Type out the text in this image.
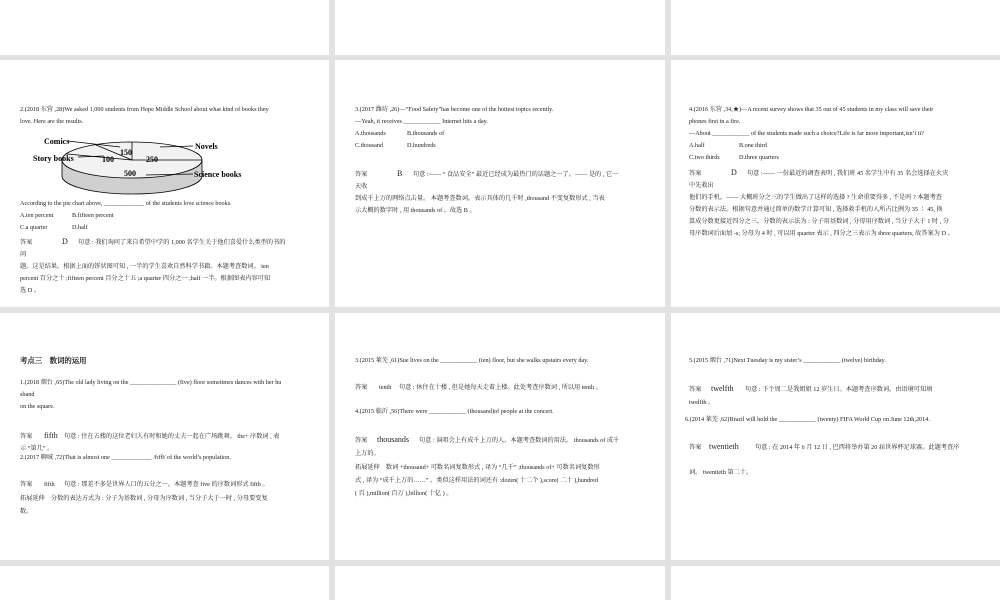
2.(2018 东营 ,28)We asked 1,000 students from Hope Middle School about what kind of books they
love. Here are the results.
Comics
Story books
Novels
Science books
150
100	250
500
According to the pie chart above, _____________ of the students love science books.
A.ten percent	B.fifteen percent
C.a quarter	D.half
答案	D 句意 : 我们询问了来自希望中学的 1,000 名学生关于他们喜爱什么类型的书的
问
题。这是结果。根据上面的饼状图可知 , 一半的学生喜欢自然科学书籍。本题考查数词。 ten
percent 百分之十 ;fifteen percent 百分之十五 ;a quarter 四分之一 ;half 一半。根据图表内容可知
选 D 。
3.(2017 潍坊 ,26)—“Food Safety”has become one of the hottest topics recently.
—Yeah, it receives ____________ Internet hits a day.
A.thousands	B.thousands of
C.thousand	D.hundreds
答案	B 句意 :—— “ 食品安全” 最近已经成为最热门的话题之一了。—— 是的 , 它一
天收
到成千上万的网络点击量。 本题考查数词。表示具体的几千时 ,thousand 不变复数形式 , 当表
示大概的数字时 , 用 thousands of 。故选 B 。
4.(2016 东营 ,34,★)—A recent survey shows that 35 out of 45 students in my class will save their
phones first in a fire.
—About ____________ of the students made such a choice?Life is far more important,isn’t it?
A.half	B.one third
C.two thirds	D.three quarters
答案	D 句意 :—— 一份最近的调查表明 , 我们班 45 名学生中有 35 名会选择在火灾
中先救出
他们的手机。—— 大概班分之三的学生做出了这样的选择 ? 生命重要得多 , 不是吗 ? 本题考查
分数的表示法。根据句意并通过简单的数学计算可知 , 选择救手机的人所占比例为 35 ∶ 45, 换
算成分数更接近四分之三。分数的表示法为 : 分子用基数词 , 分母用序数词 , 当分子大于 1 时 , 分
母序数词后面加 -s; 分母为 4 时 , 可以用 quarter 表示 , 四分之三表示为 three quarters, 故答案为 D 。
考点三　数词的运用
1.(2018 烟台 ,65)The old lady living on the _______________ (five) floor sometimes dances with her hu
sband
on the square.
答案 fifth 句意 : 住在五楼的这位老妇人有时和她的丈夫一起在广场跳舞。 the+ 序数词 , 表
示 “第几” 。
2.(2017 聊城 ,72)That is almost one _____________ /fɪfθ/ of the world’s population.
答案 fifth 句意 : 那差不多是世界人口的五分之一。本题考查 five 的序数词形式 fifth 。
拓展延伸　分数的表达方式为 : 分子为基数词 , 分母为序数词 , 当分子大于一时 , 分母要变复
数。
3.(2015 莱芜 ,61)Sue lives on the ____________ (ten) floor, but she walks upstairs every day.
答案 tenth 句意 : 休住在十楼 , 但是她每天走着上楼。此处考查序数词 , 所以用 tenth 。
4.(2015 临沂 ,56)There were ____________ (thousand)of people at the concert.
答案 thousands 句意 : 演唱会上有成千上万的人。本题考查数词的用法。 thousands of 成千
上万的。
拓展延伸　数词 +thousand+ 可数名词复数形式 , 译为 “几千” ;thousands of+ 可数名词复数形
式 , 译为 “成千上万的……” 。类似这样用法的词还有 :dozen( 十二个 ),score( 二十 ),hundred
( 百 ),million( 百万 ),billion( 十亿 ) 。
5.(2015 烟台 ,71)Next Tuesday is my sister’s ____________ (twelve) birthday.
答案 twelfth 句意 : 下个周二是我姐姐 12 岁生日。本题考查序数词。由语境可知填
twelfth 。
6.(2014 莱芜 ,62)Brazil will hold the ____________ (twenty) FIFA World Cup on June 12th,2014.
答案 twentieth	句意 : 在 2014 年 6 月 12 日 , 巴西将举办第 20 届世界杯足球赛。此题考查序
词。 twentieth 第二十。
